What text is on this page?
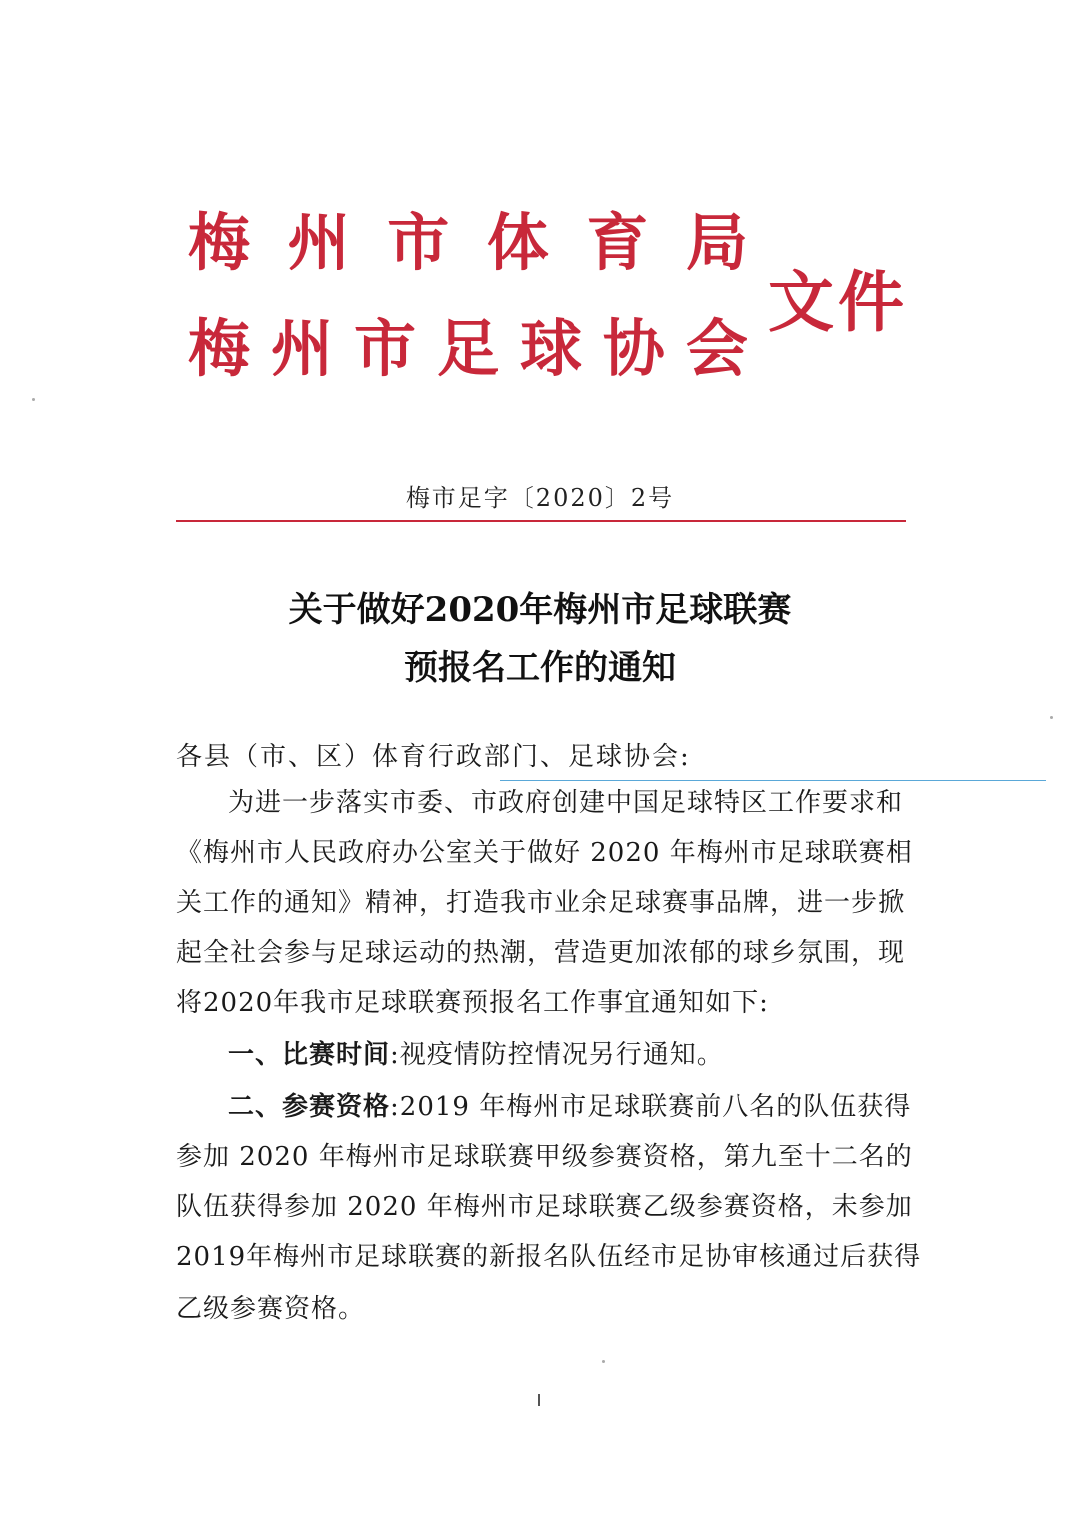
梅 州 市 体 育 局
梅 州 市 足 球 协 会
文件
梅市足字〔2020〕2号
关于做好2020年梅州市足球联赛
预报名工作的通知
各县（市、区）体育行政部门、足球协会:
为进一步落实市委、市政府创建中国足球特区工作要求和
《梅州市人民政府办公室关于做好 2020 年梅州市足球联赛相
关工作的通知》精神，打造我市业余足球赛事品牌，进一步掀
起全社会参与足球运动的热潮，营造更加浓郁的球乡氛围，现
将2020年我市足球联赛预报名工作事宜通知如下:
一、比赛时间:视疫情防控情况另行通知。
二、参赛资格:2019 年梅州市足球联赛前八名的队伍获得
参加 2020 年梅州市足球联赛甲级参赛资格，第九至十二名的
队伍获得参加 2020 年梅州市足球联赛乙级参赛资格，未参加
2019年梅州市足球联赛的新报名队伍经市足协审核通过后获得
乙级参赛资格。
